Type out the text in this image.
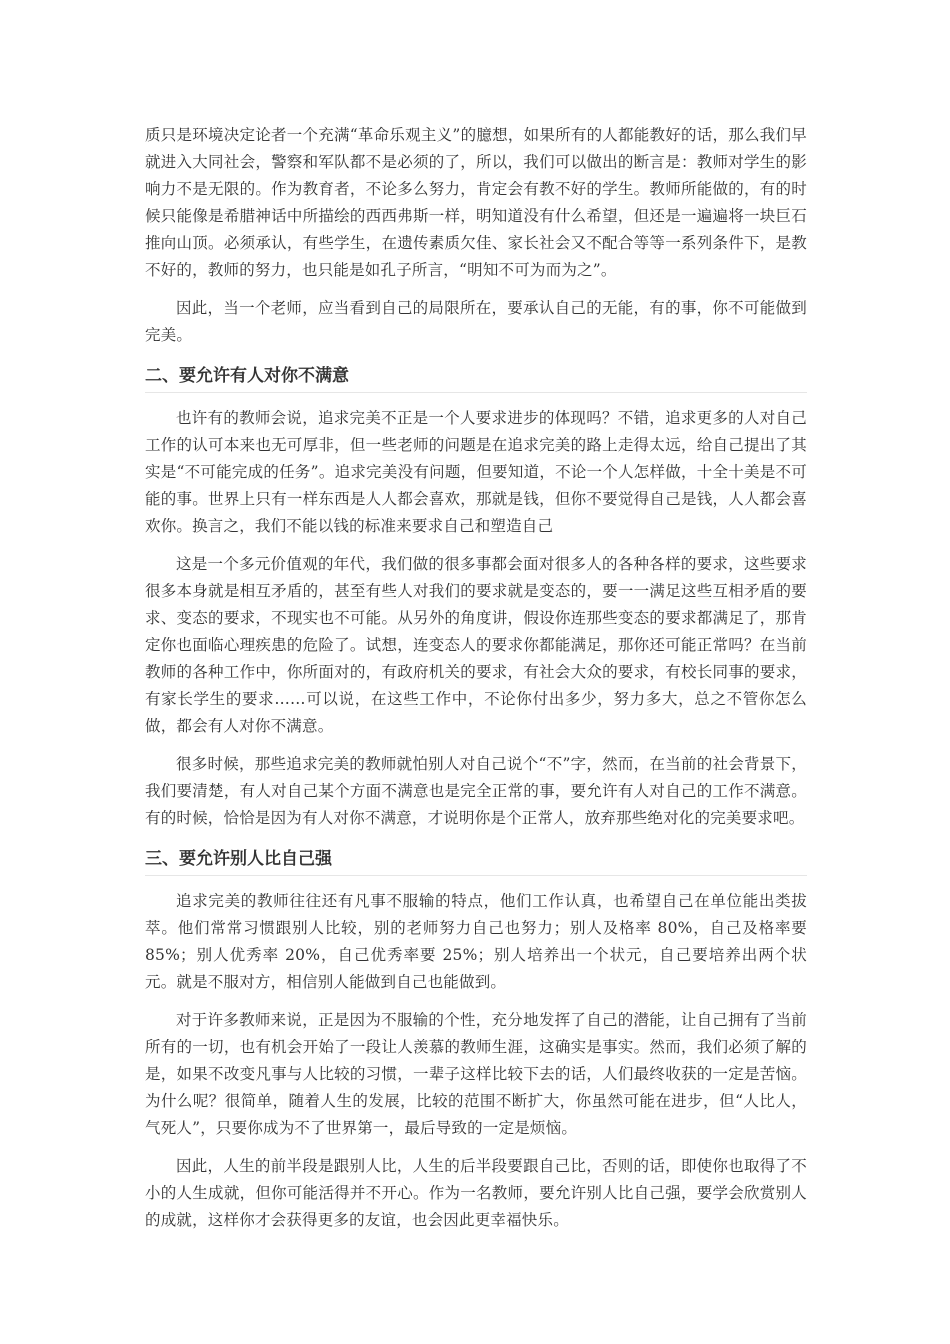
质只是环境决定论者一个充满“革命乐观主义”的臆想，如果所有的人都能教好的话，那么我们早就进入大同社会，警察和军队都不是必须的了，所以，我们可以做出的断言是：教师对学生的影响力不是无限的。作为教育者，不论多么努力，肯定会有教不好的学生。教师所能做的，有的时候只能像是希腊神话中所描绘的西西弗斯一样，明知道没有什么希望，但还是一遍遍将一块巨石推向山顶。必须承认，有些学生，在遗传素质欠佳、家长社会又不配合等等一系列条件下，是教不好的，教师的努力，也只能是如孔子所言，“明知不可为而为之”。

因此，当一个老师，应当看到自己的局限所在，要承认自己的无能，有的事，你不可能做到完美。

二、要允许有人对你不满意

也许有的教师会说，追求完美不正是一个人要求进步的体现吗？不错，追求更多的人对自己工作的认可本来也无可厚非，但一些老师的问题是在追求完美的路上走得太远，给自己提出了其实是“不可能完成的任务”。追求完美没有问题，但要知道，不论一个人怎样做，十全十美是不可能的事。世界上只有一样东西是人人都会喜欢，那就是钱，但你不要觉得自己是钱，人人都会喜欢你。换言之，我们不能以钱的标准来要求自己和塑造自己

这是一个多元价值观的年代，我们做的很多事都会面对很多人的各种各样的要求，这些要求很多本身就是相互矛盾的，甚至有些人对我们的要求就是变态的，要一一满足这些互相矛盾的要求、变态的要求，不现实也不可能。从另外的角度讲，假设你连那些变态的要求都满足了，那肯定你也面临心理疾患的危险了。试想，连变态人的要求你都能满足，那你还可能正常吗？在当前教师的各种工作中，你所面对的，有政府机关的要求，有社会大众的要求，有校长同事的要求，有家长学生的要求……可以说，在这些工作中，不论你付出多少，努力多大，总之不管你怎么做，都会有人对你不满意。

很多时候，那些追求完美的教师就怕别人对自己说个“不”字，然而，在当前的社会背景下，我们要清楚，有人对自己某个方面不满意也是完全正常的事，要允许有人对自己的工作不满意。有的时候，恰恰是因为有人对你不满意，才说明你是个正常人，放弃那些绝对化的完美要求吧。

三、要允许别人比自己强

追求完美的教师往往还有凡事不服输的特点，他们工作认真，也希望自己在单位能出类拔萃。他们常常习惯跟别人比较，别的老师努力自己也努力；别人及格率 80%，自己及格率要 85%；别人优秀率 20%，自己优秀率要 25%；别人培养出一个状元，自己要培养出两个状元。就是不服对方，相信别人能做到自己也能做到。

对于许多教师来说，正是因为不服输的个性，充分地发挥了自己的潜能，让自己拥有了当前所有的一切，也有机会开始了一段让人羡慕的教师生涯，这确实是事实。然而，我们必须了解的是，如果不改变凡事与人比较的习惯，一辈子这样比较下去的话，人们最终收获的一定是苦恼。为什么呢？很简单，随着人生的发展，比较的范围不断扩大，你虽然可能在进步，但“人比人，气死人”，只要你成为不了世界第一，最后导致的一定是烦恼。

因此，人生的前半段是跟别人比，人生的后半段要跟自己比，否则的话，即使你也取得了不小的人生成就，但你可能活得并不开心。作为一名教师，要允许别人比自己强，要学会欣赏别人的成就，这样你才会获得更多的友谊，也会因此更幸福快乐。
